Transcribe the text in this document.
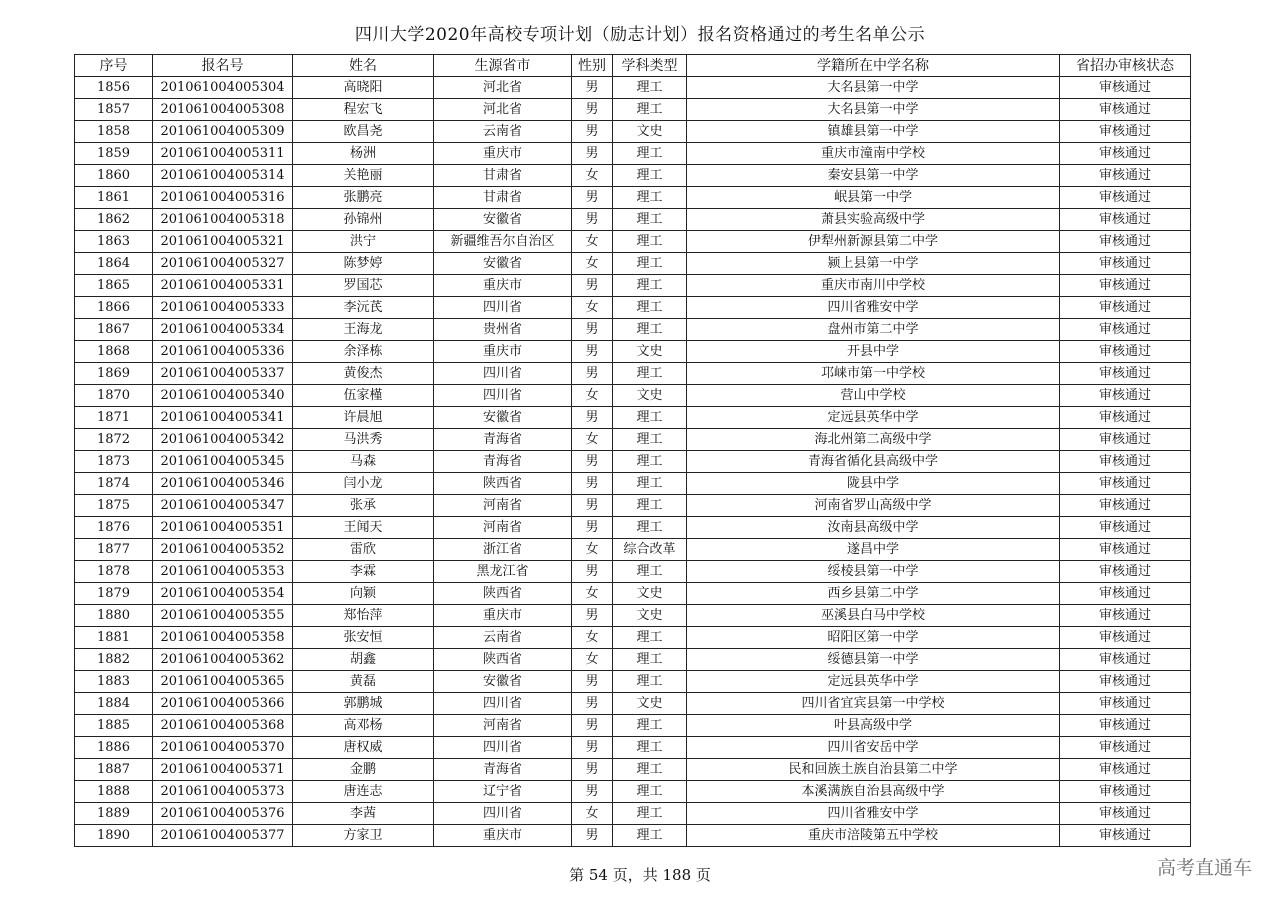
四川大学2020年高校专项计划（励志计划）报名资格通过的考生名单公示
序号	报名号	姓名	生源省市	性别	学科类型	学籍所在中学名称	省招办审核状态
1856	201061004005304	高晓阳	河北省	男	理工	大名县第一中学	审核通过
1857	201061004005308	程宏飞	河北省	男	理工	大名县第一中学	审核通过
1858	201061004005309	欧昌尧	云南省	男	文史	镇雄县第一中学	审核通过
1859	201061004005311	杨洲	重庆市	男	理工	重庆市潼南中学校	审核通过
1860	201061004005314	关艳丽	甘肃省	女	理工	秦安县第一中学	审核通过
1861	201061004005316	张鹏亮	甘肃省	男	理工	岷县第一中学	审核通过
1862	201061004005318	孙锦州	安徽省	男	理工	萧县实验高级中学	审核通过
1863	201061004005321	洪宁	新疆维吾尔自治区	女	理工	伊犁州新源县第二中学	审核通过
1864	201061004005327	陈梦婷	安徽省	女	理工	颍上县第一中学	审核通过
1865	201061004005331	罗国芯	重庆市	男	理工	重庆市南川中学校	审核通过
1866	201061004005333	李沅芪	四川省	女	理工	四川省雅安中学	审核通过
1867	201061004005334	王海龙	贵州省	男	理工	盘州市第二中学	审核通过
1868	201061004005336	余泽栋	重庆市	男	文史	开县中学	审核通过
1869	201061004005337	黄俊杰	四川省	男	理工	邛崃市第一中学校	审核通过
1870	201061004005340	伍家槿	四川省	女	文史	营山中学校	审核通过
1871	201061004005341	许晨旭	安徽省	男	理工	定远县英华中学	审核通过
1872	201061004005342	马洪秀	青海省	女	理工	海北州第二高级中学	审核通过
1873	201061004005345	马森	青海省	男	理工	青海省循化县高级中学	审核通过
1874	201061004005346	闫小龙	陕西省	男	理工	陇县中学	审核通过
1875	201061004005347	张承	河南省	男	理工	河南省罗山高级中学	审核通过
1876	201061004005351	王闻天	河南省	男	理工	汝南县高级中学	审核通过
1877	201061004005352	雷欣	浙江省	女	综合改革	遂昌中学	审核通过
1878	201061004005353	李霖	黑龙江省	男	理工	绥棱县第一中学	审核通过
1879	201061004005354	向颖	陕西省	女	文史	西乡县第二中学	审核通过
1880	201061004005355	郑怡萍	重庆市	男	文史	巫溪县白马中学校	审核通过
1881	201061004005358	张安恒	云南省	女	理工	昭阳区第一中学	审核通过
1882	201061004005362	胡鑫	陕西省	女	理工	绥德县第一中学	审核通过
1883	201061004005365	黄磊	安徽省	男	理工	定远县英华中学	审核通过
1884	201061004005366	郭鹏城	四川省	男	文史	四川省宜宾县第一中学校	审核通过
1885	201061004005368	高邓杨	河南省	男	理工	叶县高级中学	审核通过
1886	201061004005370	唐权威	四川省	男	理工	四川省安岳中学	审核通过
1887	201061004005371	金鹏	青海省	男	理工	民和回族土族自治县第二中学	审核通过
1888	201061004005373	唐连志	辽宁省	男	理工	本溪满族自治县高级中学	审核通过
1889	201061004005376	李茜	四川省	女	理工	四川省雅安中学	审核通过
1890	201061004005377	方家卫	重庆市	男	理工	重庆市涪陵第五中学校	审核通过
第 54 页，共 188 页	高考直通车
